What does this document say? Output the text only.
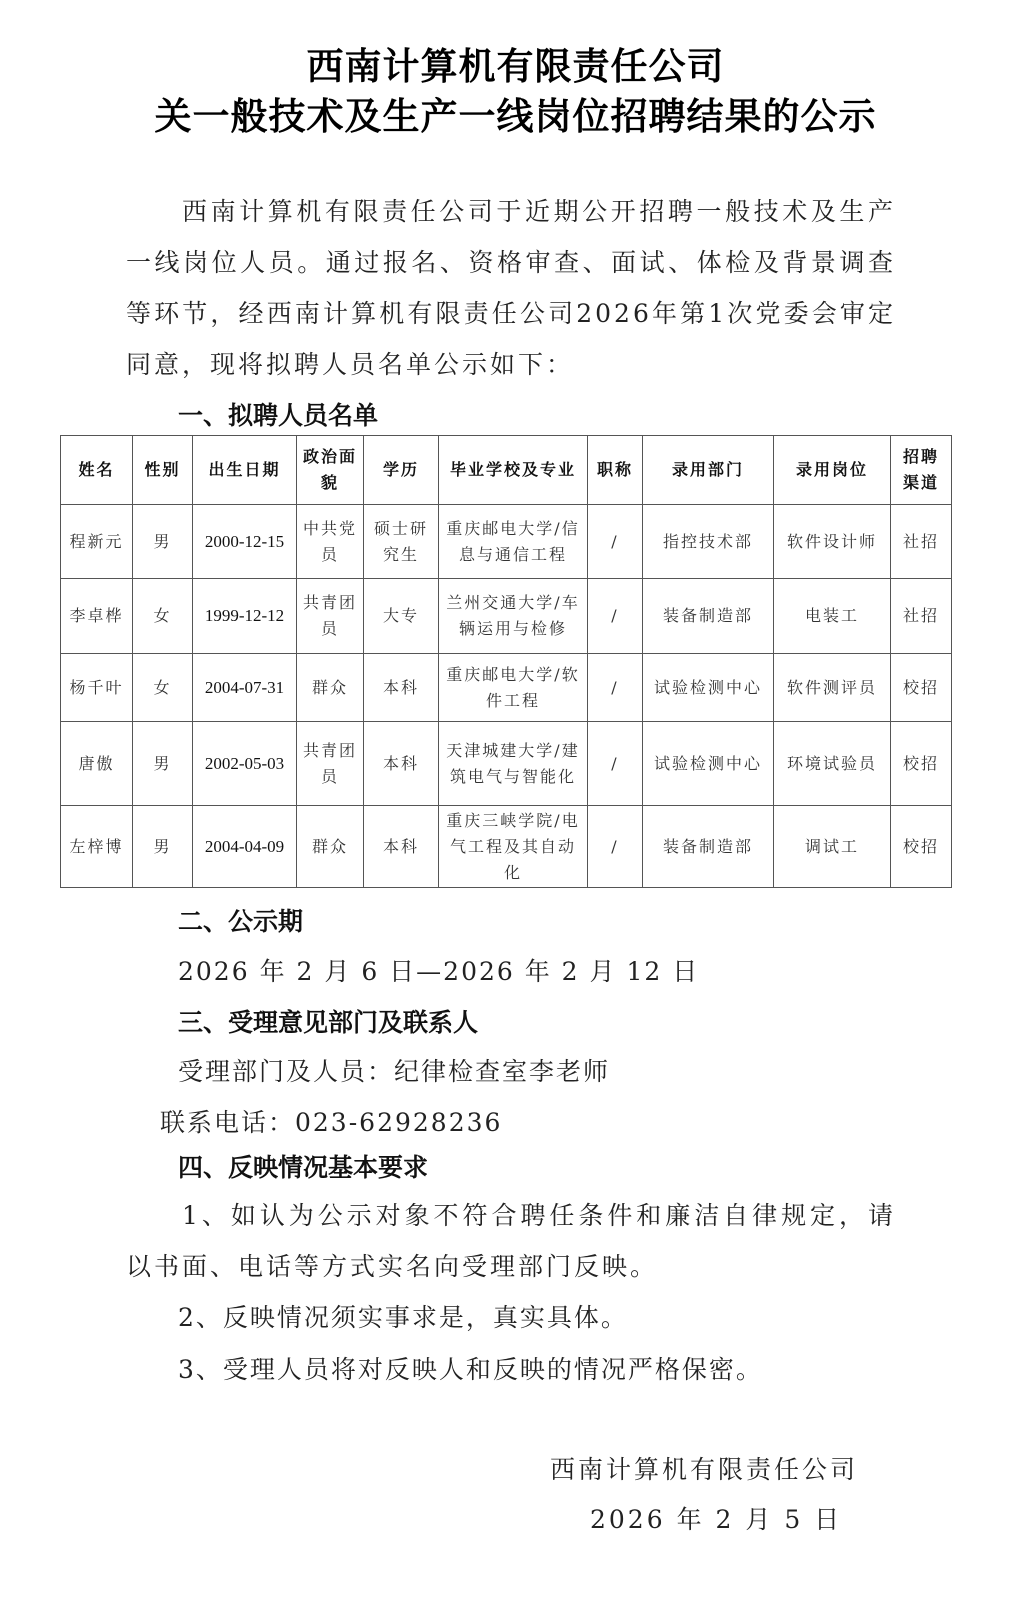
西南计算机有限责任公司
关一般技术及生产一线岗位招聘结果的公示
西南计算机有限责任公司于近期公开招聘一般技术及生产一线岗位人员。通过报名、资格审查、面试、体检及背景调查等环节，经西南计算机有限责任公司2026年第1次党委会审定同意，现将拟聘人员名单公示如下：
一、拟聘人员名单
姓名	性别	出生日期	政治面貌	学历	毕业学校及专业	职称	录用部门	录用岗位	招聘渠道
程新元	男	2000-12-15	中共党员	硕士研究生	重庆邮电大学/信息与通信工程	/	指控技术部	软件设计师	社招
李卓桦	女	1999-12-12	共青团员	大专	兰州交通大学/车辆运用与检修	/	装备制造部	电装工	社招
杨千叶	女	2004-07-31	群众	本科	重庆邮电大学/软件工程	/	试验检测中心	软件测评员	校招
唐傲	男	2002-05-03	共青团员	本科	天津城建大学/建筑电气与智能化	/	试验检测中心	环境试验员	校招
左梓博	男	2004-04-09	群众	本科	重庆三峡学院/电气工程及其自动化	/	装备制造部	调试工	校招
二、公示期
2026 年 2 月 6 日—2026 年 2 月 12 日
三、受理意见部门及联系人
受理部门及人员：纪律检查室李老师
联系电话：023-62928236
四、反映情况基本要求
1、如认为公示对象不符合聘任条件和廉洁自律规定，请以书面、电话等方式实名向受理部门反映。
2、反映情况须实事求是，真实具体。
3、受理人员将对反映人和反映的情况严格保密。
西南计算机有限责任公司
2026 年 2 月 5 日
